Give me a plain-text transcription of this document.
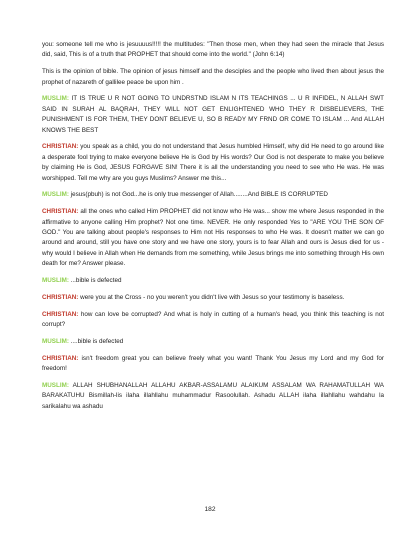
you: someone tell me who is jesuuuus!!!!! the multitudes: "Then those men, when they had seen the miracle that Jesus did, said, This is of a truth that PROPHET that should come into the world." (John 6:14)

This is the opinion of bible. The opinion of jesus himself and the desciples and the people who lived then about jesus the prophet of nazareth of gallilee peace be upon him .

MUSLIM: IT IS TRUE U R NOT GOING TO UNDRSTND ISLAM N ITS TEACHINGS ... U R INFIDEL, N ALLAH SWT SAID IN SURAH AL BAQRAH, THEY WILL NOT GET ENLIGHTENED WHO THEY R DISBELIEVERS, THE PUNISHMENT IS FOR THEM, THEY DONT BELIEVE U, SO B READY MY FRND OR COME TO ISLAM ... And ALLAH KNOWS THE BEST

CHRISTIAN: you speak as a child, you do not understand that Jesus humbled Himself, why did He need to go around like a desperate fool trying to make everyone believe He is God by His words? Our God is not desperate to make you believe by claiming He is God, JESUS FORGAVE SIN! There it is all the understanding you need to see who He was. He was worshipped. Tell me why are you guys Muslims? Answer me this...

MUSLIM: jesus(pbuh) is not God...he is only true messenger of Allah........And BIBLE IS CORRUPTED

CHRISTIAN: all the ones who called Him PROPHET did not know who He was... show me where Jesus responded in the affirmative to anyone calling Him prophet? Not one time. NEVER. He only responded Yes to "ARE YOU THE SON OF GOD." You are talking about people's responses to Him not His responses to who He was. It doesn't matter we can go around and around, still you have one story and we have one story, yours is to fear Allah and ours is Jesus died for us - why would I believe in Allah when He demands from me something, while Jesus brings me into something through His own death for me? Answer please.

MUSLIM: ...bible is defected

CHRISTIAN: were you at the Cross - no you weren't you didn't live with Jesus so your testimony is baseless.

CHRISTIAN: how can love be corrupted? And what is holy in cutting of a human's head, you think this teaching is not corrupt?

MUSLIM: ....bible is defected

CHRISTIAN: isn't freedom great you can believe freely what you want! Thank You Jesus my Lord and my God for freedom!

MUSLIM: ALLAH SHUBHANALLAH ALLAHU AKBAR-ASSALAMU ALAIKUM ASSALAM WA RAHAMATULLAH WA BARAKATUHU Bismillah-lis ilaha illahllahu muhammadur Rasoolullah. Ashadu ALLAH ilaha illahllahu wahdahu la sarikalahu wa ashadu

182
